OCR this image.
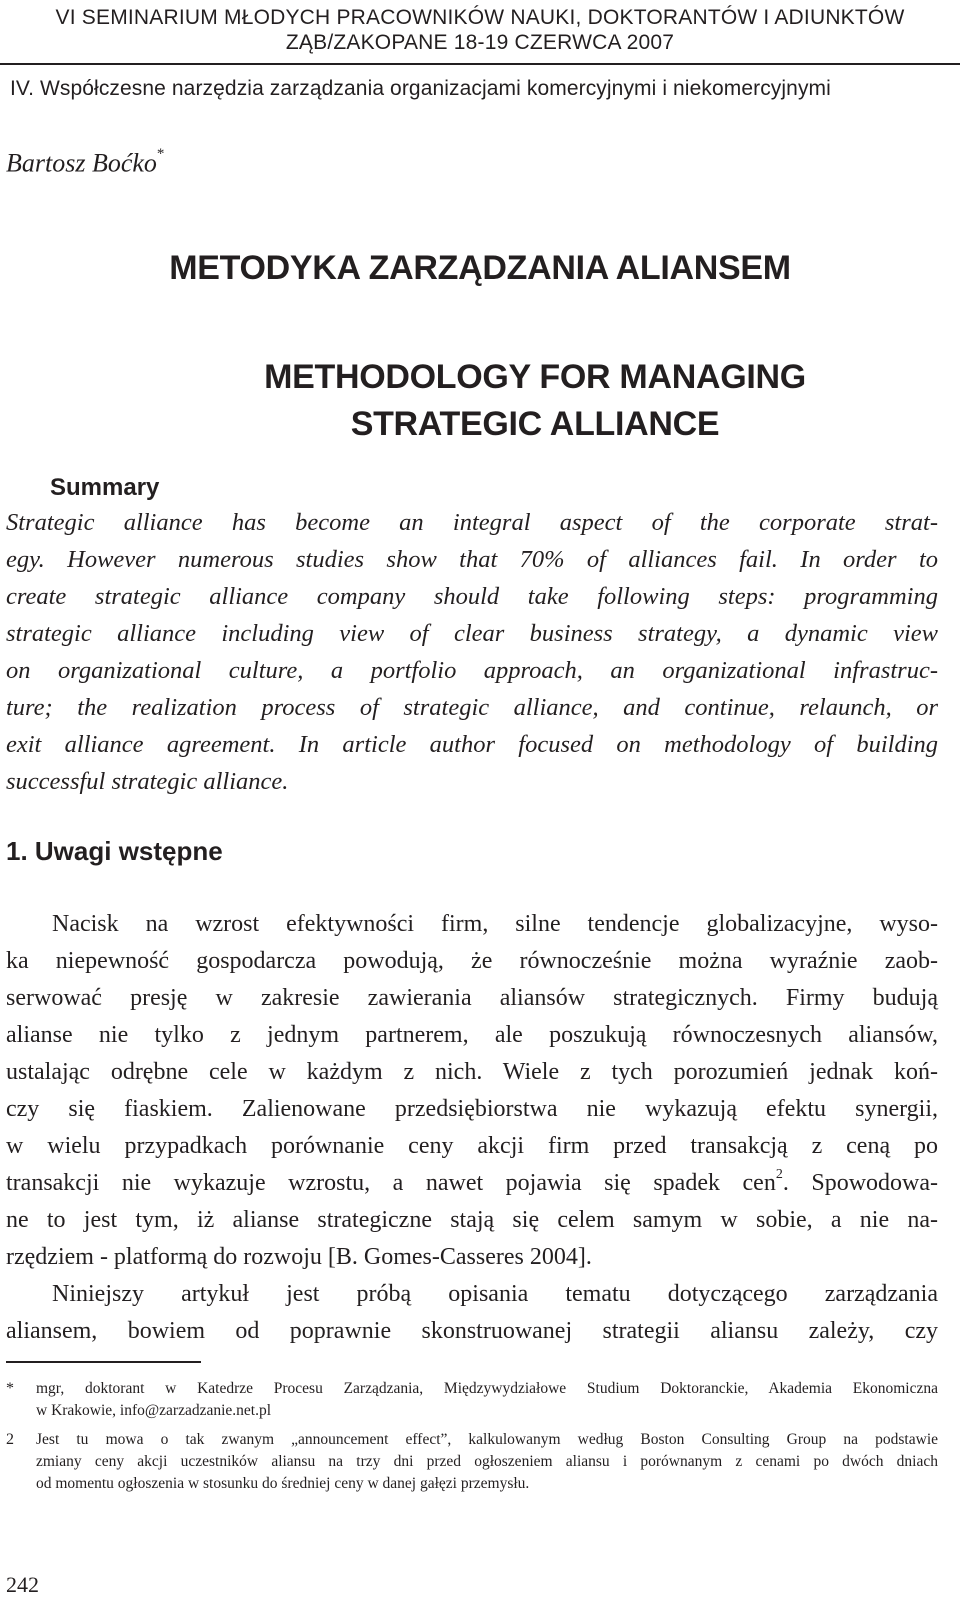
VI SEMINARIUM MŁODYCH PRACOWNIKÓW NAUKI, DOKTORANTÓW I ADIUNKTÓW
ZĄB/ZAKOPANE 18-19 CZERWCA 2007
IV. Współczesne narzędzia zarządzania organizacjami komercyjnymi i niekomercyjnymi
Bartosz Boćko*
METODYKA ZARZĄDZANIA ALIANSEM
METHODOLOGY FOR MANAGING
STRATEGIC ALLIANCE
Summary
Strategic alliance has become an integral aspect of the corporate strat-
egy. However numerous studies show that 70% of alliances fail. In order to
create strategic alliance company should take following steps: programming
strategic alliance including view of clear business strategy, a dynamic view
on organizational culture, a portfolio approach, an organizational infrastruc-
ture; the realization process of strategic alliance, and continue, relaunch, or
exit alliance agreement. In article author focused on methodology of building
successful strategic alliance.
1. Uwagi wstępne
Nacisk na wzrost efektywności firm, silne tendencje globalizacyjne, wyso-
ka niepewność gospodarcza powodują, że równocześnie można wyraźnie zaob-
serwować presję w zakresie zawierania aliansów strategicznych. Firmy budują
alianse nie tylko z jednym partnerem, ale poszukują równoczesnych aliansów,
ustalając odrębne cele w każdym z nich. Wiele z tych porozumień jednak koń-
czy się fiaskiem. Zalienowane przedsiębiorstwa nie wykazują efektu synergii,
w wielu przypadkach porównanie ceny akcji firm przed transakcją z ceną po
transakcji nie wykazuje wzrostu, a nawet pojawia się spadek cen$^2$. Spowodowa-
ne to jest tym, iż alianse strategiczne stają się celem samym w sobie, a nie na-
rzędziem - platformą do rozwoju [B. Gomes-Casseres 2004].
Niniejszy artykuł jest próbą opisania tematu dotyczącego zarządzania
aliansem, bowiem od poprawnie skonstruowanej strategii aliansu zależy, czy
* mgr, doktorant w Katedrze Procesu Zarządzania, Międzywydziałowe Studium Doktoranckie, Akademia Ekonomiczna
w Krakowie, info@zarzadzanie.net.pl
2 Jest tu mowa o tak zwanym „announcement effect”, kalkulowanym według Boston Consulting Group na podstawie
zmiany ceny akcji uczestników aliansu na trzy dni przed ogłoszeniem aliansu i porównanym z cenami po dwóch dniach
od momentu ogłoszenia w stosunku do średniej ceny w danej gałęzi przemysłu.
242
